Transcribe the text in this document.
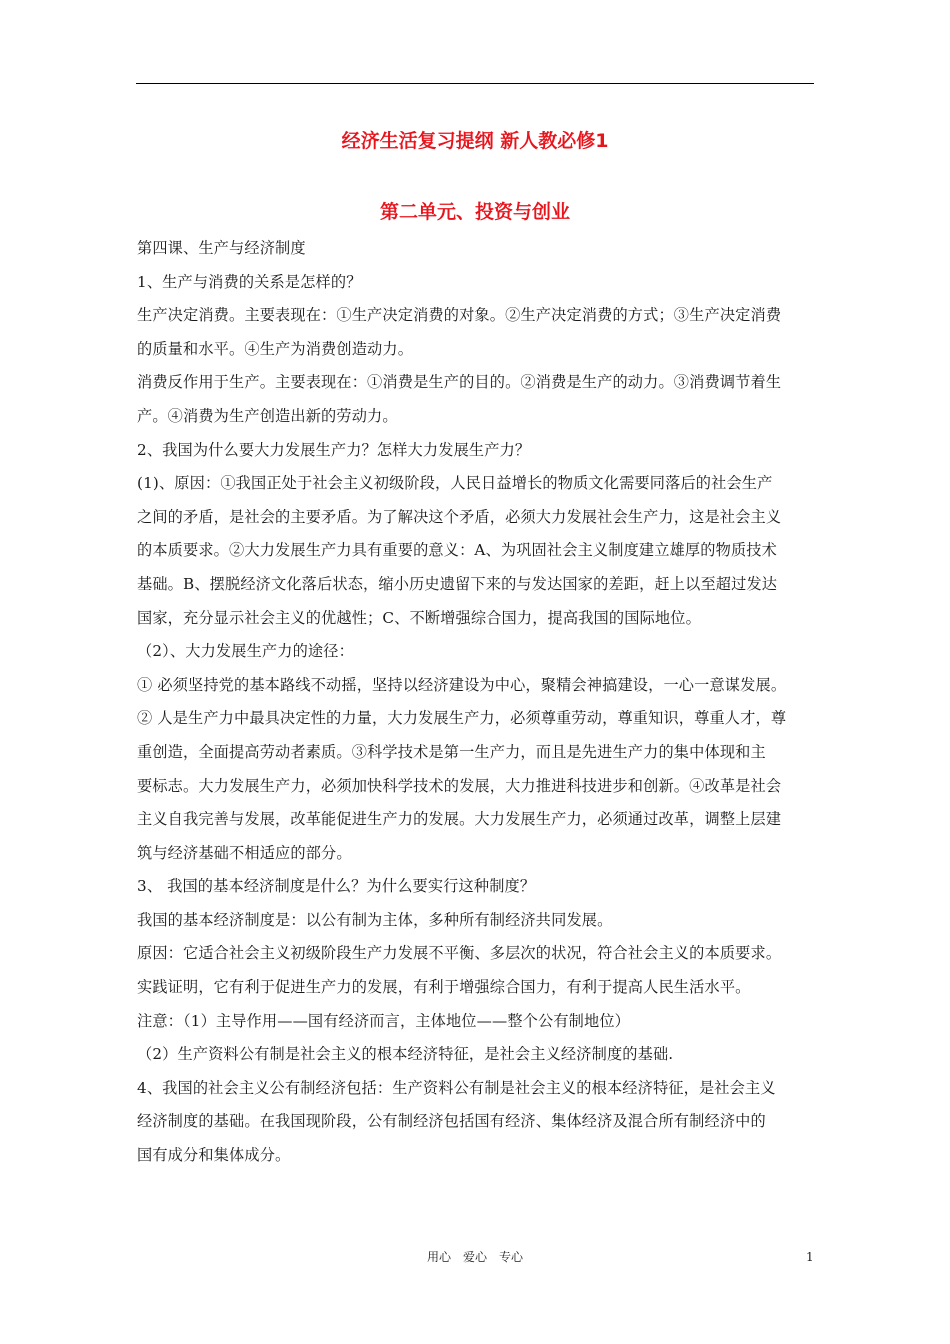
经济生活复习提纲 新人教必修1
第二单元、投资与创业
第四课、生产与经济制度
1、生产与消费的关系是怎样的？
生产决定消费。主要表现在：①生产决定消费的对象。②生产决定消费的方式；③生产决定消费
的质量和水平。④生产为消费创造动力。
消费反作用于生产。主要表现在：①消费是生产的目的。②消费是生产的动力。③消费调节着生
产。④消费为生产创造出新的劳动力。
2、我国为什么要大力发展生产力？怎样大力发展生产力？
(1)、原因：①我国正处于社会主义初级阶段，人民日益增长的物质文化需要同落后的社会生产
之间的矛盾，是社会的主要矛盾。为了解决这个矛盾，必须大力发展社会生产力，这是社会主义
的本质要求。②大力发展生产力具有重要的意义：A、为巩固社会主义制度建立雄厚的物质技术
基础。B、摆脱经济文化落后状态，缩小历史遗留下来的与发达国家的差距，赶上以至超过发达
国家，充分显示社会主义的优越性；C、不断增强综合国力，提高我国的国际地位。
（2）、大力发展生产力的途径：
① 必须坚持党的基本路线不动摇，坚持以经济建设为中心，聚精会神搞建设，一心一意谋发展。
② 人是生产力中最具决定性的力量，大力发展生产力，必须尊重劳动，尊重知识，尊重人才，尊
重创造，全面提高劳动者素质。③科学技术是第一生产力，而且是先进生产力的集中体现和主
要标志。大力发展生产力，必须加快科学技术的发展，大力推进科技进步和创新。④改革是社会
主义自我完善与发展，改革能促进生产力的发展。大力发展生产力，必须通过改革，调整上层建
筑与经济基础不相适应的部分。
3、 我国的基本经济制度是什么？为什么要实行这种制度？
我国的基本经济制度是：以公有制为主体，多种所有制经济共同发展。
原因：它适合社会主义初级阶段生产力发展不平衡、多层次的状况，符合社会主义的本质要求。
实践证明，它有利于促进生产力的发展，有利于增强综合国力，有利于提高人民生活水平。
注意：（1）主导作用——国有经济而言，主体地位——整个公有制地位）
（2）生产资料公有制是社会主义的根本经济特征，是社会主义经济制度的基础.
4、我国的社会主义公有制经济包括：生产资料公有制是社会主义的根本经济特征，是社会主义
经济制度的基础。在我国现阶段，公有制经济包括国有经济、集体经济及混合所有制经济中的
国有成分和集体成分。
用心　爱心　专心	1
